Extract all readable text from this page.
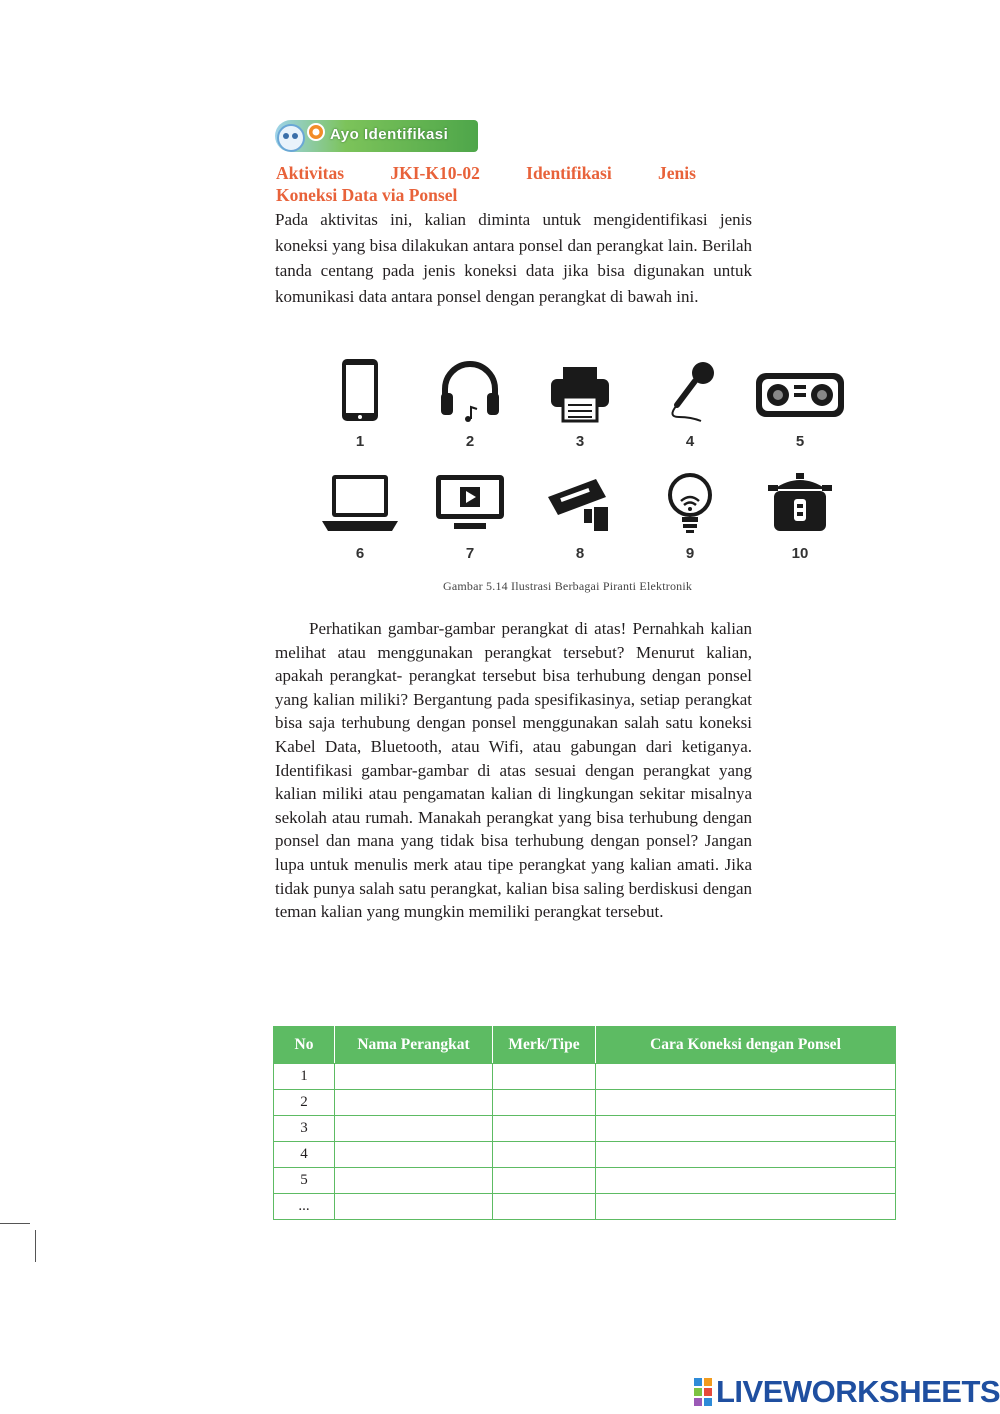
Ayo Identifikasi
Aktivitas	JKI-K10-02	Identifikasi	Jenis
Koneksi Data via Ponsel
Pada aktivitas ini, kalian diminta untuk mengidentifikasi jenis koneksi yang bisa dilakukan antara ponsel dan perangkat lain. Berilah tanda centang pada jenis koneksi data jika bisa digunakan untuk komunikasi data antara ponsel dengan perangkat di bawah ini.
1	2	3	4	5
6	7	8	9	10
Gambar 5.14 Ilustrasi Berbagai Piranti Elektronik
Perhatikan gambar-gambar perangkat di atas! Pernahkah kalian melihat atau menggunakan perangkat tersebut? Menurut kalian, apakah perangkat- perangkat tersebut bisa terhubung dengan ponsel yang kalian miliki? Bergantung pada spesifikasinya, setiap perangkat bisa saja terhubung dengan ponsel menggunakan salah satu koneksi Kabel Data, Bluetooth, atau Wifi, atau gabungan dari ketiganya. Identifikasi gambar-gambar di atas sesuai dengan perangkat yang kalian miliki atau pengamatan kalian di lingkungan sekitar misalnya sekolah atau rumah. Manakah perangkat yang bisa terhubung dengan ponsel dan mana yang tidak bisa terhubung dengan ponsel? Jangan lupa untuk menulis merk atau tipe perangkat yang kalian amati. Jika tidak punya salah satu perangkat, kalian bisa saling berdiskusi dengan teman kalian yang mungkin memiliki perangkat tersebut.
No	Nama Perangkat	Merk/Tipe	Cara Koneksi dengan Ponsel
1			
2			
3			
4			
5			
...			
LIVEWORKSHEETS
